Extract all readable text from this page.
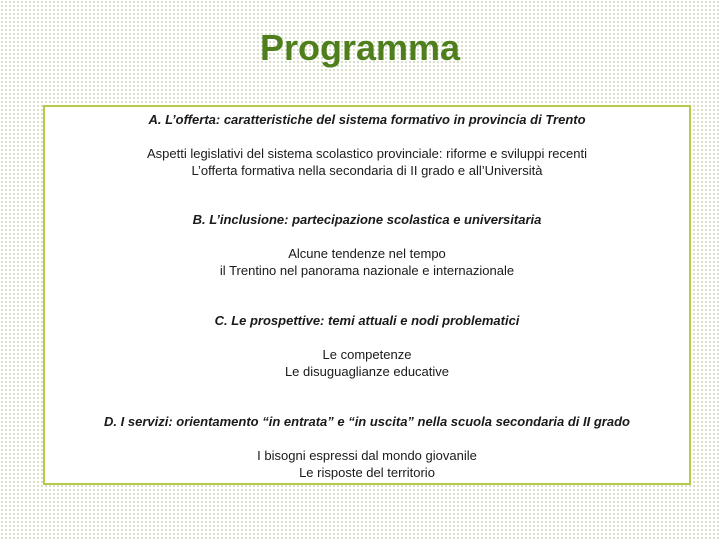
Programma

A. L’offerta: caratteristiche del sistema formativo in provincia di Trento

Aspetti legislativi del sistema scolastico provinciale: riforme e sviluppi recenti

L’offerta formativa nella secondaria di II grado e all’Università

B. L’inclusione: partecipazione scolastica e universitaria

Alcune tendenze nel tempo

il Trentino nel panorama nazionale e internazionale

C. Le prospettive: temi attuali e nodi problematici

Le competenze

Le disuguaglianze educative

D. I servizi: orientamento “in entrata” e “in uscita” nella scuola secondaria di II grado

I bisogni espressi dal mondo giovanile

Le risposte del territorio
